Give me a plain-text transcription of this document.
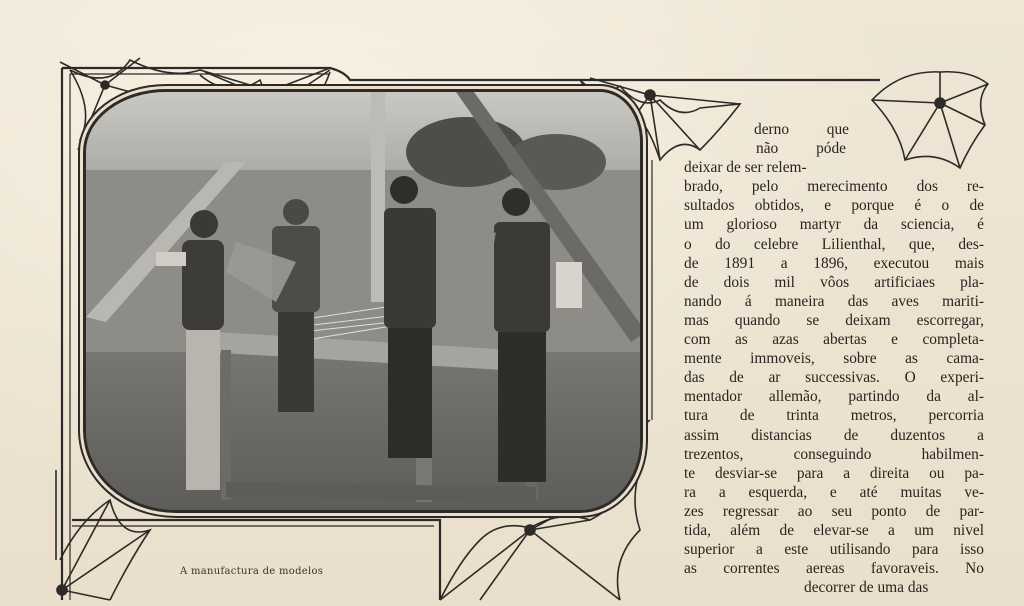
A manufactura de modelos
derno que
não póde
deixar de ser relem-
brado, pelo merecimento dos re-
sultados obtidos, e porque é o de
um glorioso martyr da sciencia, é
o do celebre Lilienthal, que, des-
de 1891 a 1896, executou mais
de dois mil vôos artificiaes pla-
nando á maneira das aves mariti-
mas quando se deixam escorregar,
com as azas abertas e completa-
mente immoveis, sobre as cama-
das de ar successivas. O experi-
mentador allemão, partindo da al-
tura de trinta metros, percorria
assim distancias de duzentos a
trezentos, conseguindo habilmen-
te desviar-se para a direita ou pa-
ra a esquerda, e até muitas ve-
zes regressar ao seu ponto de par-
tida, além de elevar-se a um nivel
superior a este utilisando para isso
as correntes aereas favoraveis. No
decorrer de uma das
